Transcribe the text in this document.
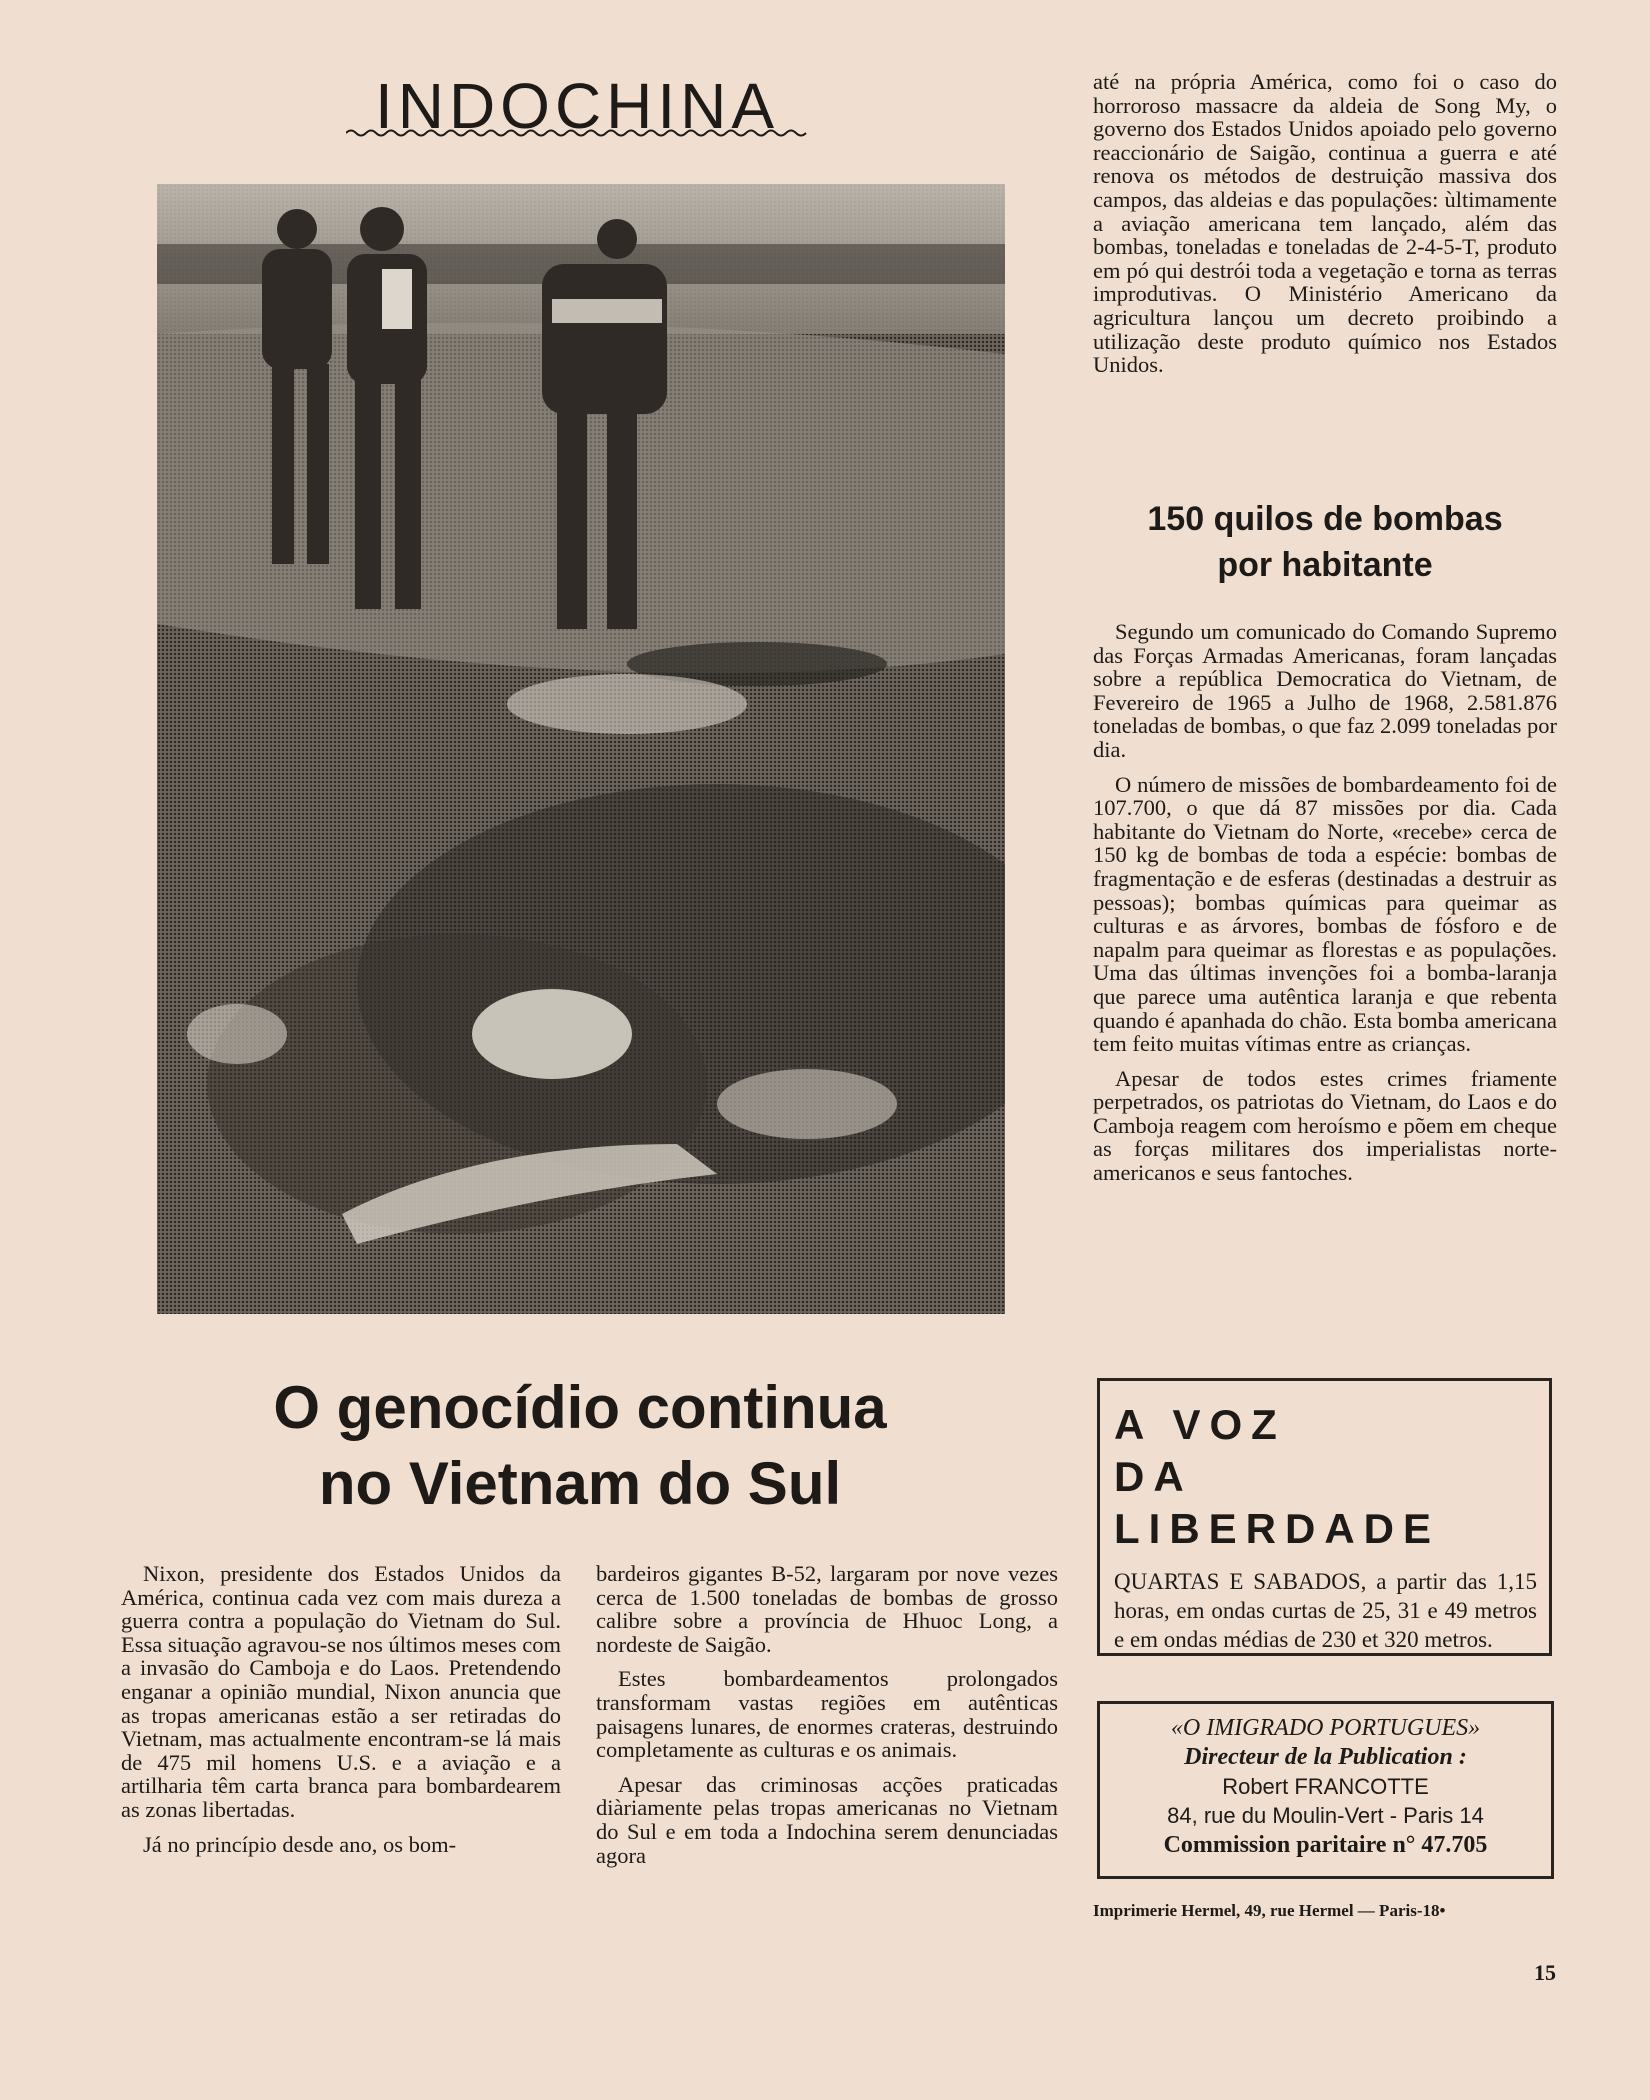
INDOCHINA
O genocídio continua
no Vietnam do Sul

Nixon, presidente dos Estados Unidos da América, continua cada vez com mais dureza a guerra contra a população do Vietnam do Sul. Essa situação agravou-se nos últimos meses com a invasão do Camboja e do Laos. Pretendendo enganar a opinião mundial, Nixon anuncia que as tropas americanas estão a ser retiradas do Vietnam, mas actualmente encontram-se lá mais de 475 mil homens U.S. e a aviação e a artilharia têm carta branca para bombardearem as zonas libertadas.

Já no princípio desde ano, os bom-

bardeiros gigantes B-52, largaram por nove vezes cerca de 1.500 toneladas de bombas de grosso calibre sobre a província de Hhuoc Long, a nordeste de Saigão.

Estes bombardeamentos prolongados transformam vastas regiões em autênticas paisagens lunares, de enormes crateras, destruindo completamente as culturas e os animais.

Apesar das criminosas acções praticadas diàriamente pelas tropas americanas no Vietnam do Sul e em toda a Indochina serem denunciadas agora

até na própria América, como foi o caso do horroroso massacre da aldeia de Song My, o governo dos Estados Unidos apoiado pelo governo reaccionário de Saigão, continua a guerra e até renova os métodos de destruição massiva dos campos, das aldeias e das populações: ùltimamente a aviação americana tem lançado, além das bombas, toneladas e toneladas de 2-4-5-T, produto em pó qui destrói toda a vegetação e torna as terras improdutivas. O Ministério Americano da agricultura lançou um decreto proibindo a utilização deste produto químico nos Estados Unidos.

150 quilos de bombas
por habitante

Segundo um comunicado do Comando Supremo das Forças Armadas Americanas, foram lançadas sobre a república Democratica do Vietnam, de Fevereiro de 1965 a Julho de 1968, 2.581.876 toneladas de bombas, o que faz 2.099 toneladas por dia.

O número de missões de bombardeamento foi de 107.700, o que dá 87 missões por dia. Cada habitante do Vietnam do Norte, «recebe» cerca de 150 kg de bombas de toda a espécie: bombas de fragmentação e de esferas (destinadas a destruir as pessoas); bombas químicas para queimar as culturas e as árvores, bombas de fósforo e de napalm para queimar as florestas e as populações. Uma das últimas invenções foi a bomba-laranja que parece uma autêntica laranja e que rebenta quando é apanhada do chão. Esta bomba americana tem feito muitas vítimas entre as crianças.

Apesar de todos estes crimes friamente perpetrados, os patriotas do Vietnam, do Laos e do Camboja reagem com heroísmo e põem em cheque as forças militares dos imperialistas norte-americanos e seus fantoches.

A VOZ
DA LIBERDADE
QUARTAS E SABADOS, a partir das 1,15 horas, em ondas curtas de 25, 31 e 49 metros e em ondas médias de 230 et 320 metros.
«O IMIGRADO PORTUGUES»
Directeur de la Publication :
Robert FRANCOTTE
84, rue du Moulin-Vert - Paris 14
Commission paritaire n° 47.705
Imprimerie Hermel, 49, rue Hermel — Paris-18•
15
